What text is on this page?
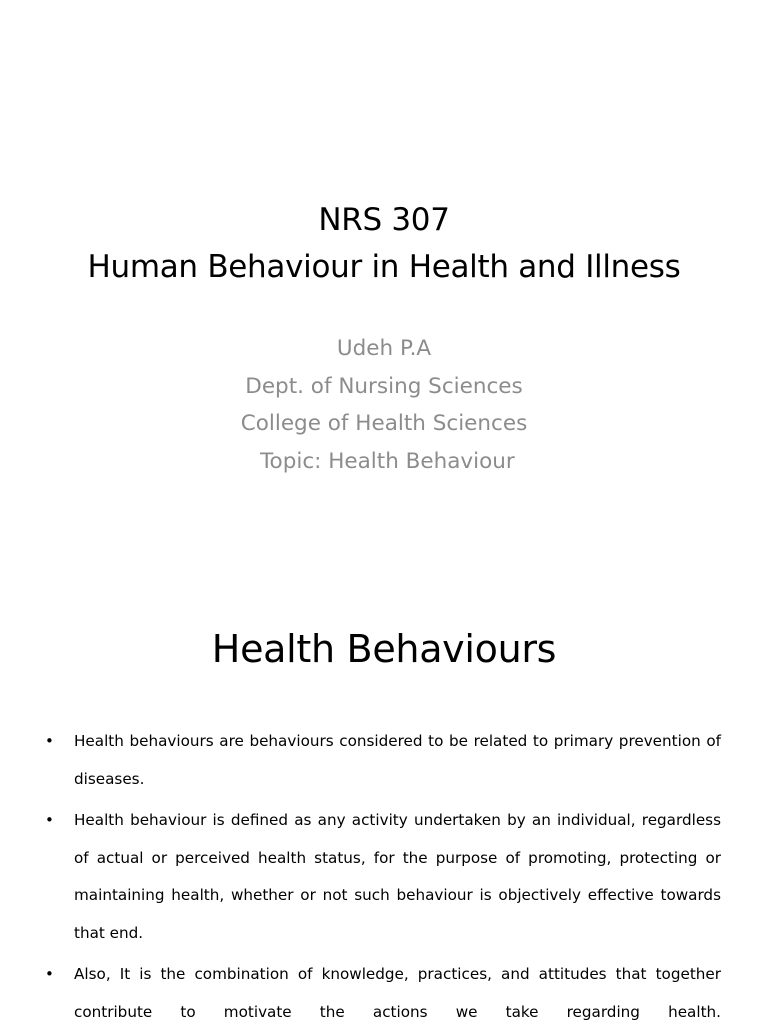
NRS 307
Human Behaviour in Health and Illness
Udeh P.A
Dept. of Nursing Sciences
College of Health Sciences
Topic: Health Behaviour
Health Behaviours
• Health behaviours are behaviours considered to be related to primary prevention of diseases.
• Health behaviour is defined as any activity undertaken by an individual, regardless of actual or perceived health status, for the purpose of promoting, protecting or maintaining health, whether or not such behaviour is objectively effective towards that end.
• Also, It is the combination of knowledge, practices, and attitudes that together contribute to motivate the actions we take regarding health.
